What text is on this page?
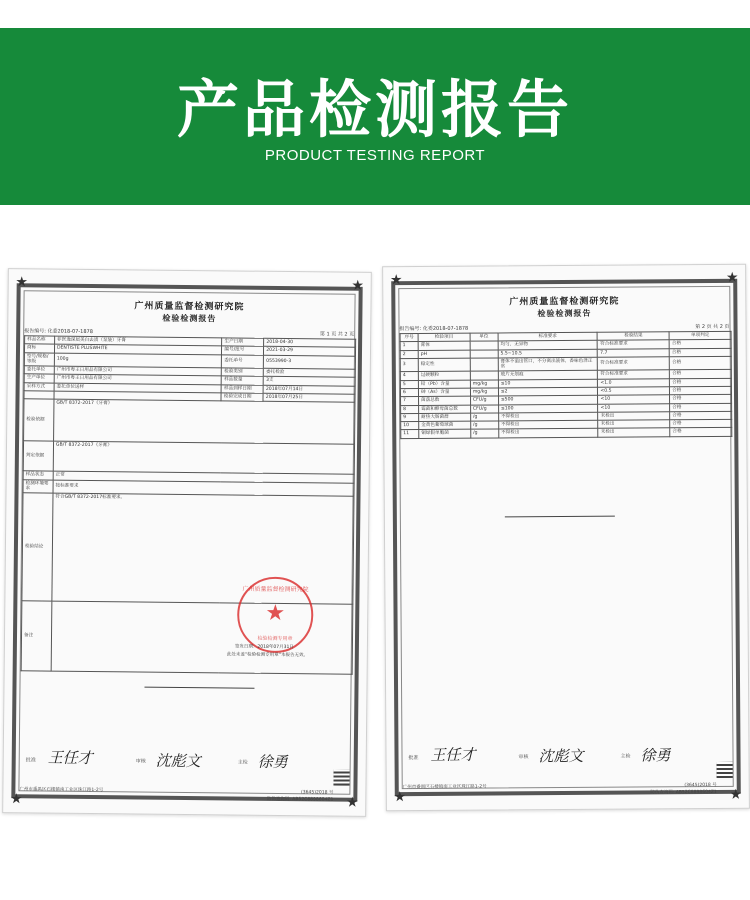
产品检测报告
PRODUCT TESTING REPORT
★	★
★	★
广州质量监督检测研究院
检验检测报告
报告编号: 化委2018-07-1878	第 1 页 共 2 页
样品名称	菲医逸深层美白去渍（泵装）牙膏	生产日期	2018-04-30
商标	DENTISTE PLUSWHITE	编号/批号	2021-03-29
型号/规格/等级	100g	委托单号	0553990-3
委托单位	广州市粤王日用品有限公司	检验类别	委托检验
生产单位	广州市粤王日用品有限公司	样品数量	3支
采样方式	委托单位送样	样品到样日期	2018年07月14日
		检验完成日期	2018年07月25日
检验依据	GB/T 8372-2017《牙膏》		
判定依据	GB/T 8372-2017《牙膏》		
样品状态	正常		
检测环境要求	按标准要求		
检验结论	符合GB/T 8372-2017标准要求。		
备注			
广州质量监督检测研究院
★
检验检测专用章
签发日期：2018年07月31日
此处未盖“检验检测专用章”本报告无效。
批准 王任才	审核 沈彪文	主检 徐勇
广州市番禺区石楼镇南工业区珠江路1-2号	(3645)2018 号
防伪查询码: AB52C8898604Z1
★	★
★	★
广州质量监督检测研究院
检验检测报告
报告编号: 化委2018-07-1878	第 2 页 共 2 页
序号	检验项目	单位	标准要求	检验结果	单项判定
1	膏体		均匀、无异物	符合标准要求	合格
2	pH		5.5~10.5	7.7	合格
3	稳定性		膏体不溢出管口，不分离出液体，香味色泽正常	符合标准要求	合格
4	过硬颗粒		玻片无划痕	符合标准要求	合格
5	铅（Pb）含量	mg/kg	≤10	<1.0	合格
6	砷（As）含量	mg/kg	≤2	<0.5	合格
7	菌落总数	CFU/g	≤500	<10	合格
8	霉菌和酵母菌总数	CFU/g	≤100	<10	合格
9	耐热大肠菌群	/g	不得检出	未检出	合格
10	金黄色葡萄球菌	/g	不得检出	未检出	合格
11	铜绿假单胞菌	/g	不得检出	未检出	合格
批准 王任才	审核 沈彪文	主检 徐勇
广州市番禺区石楼镇南工业区珠江路1-2号	(3645)2018 号
防伪查询码: AB52C8898604Z1
